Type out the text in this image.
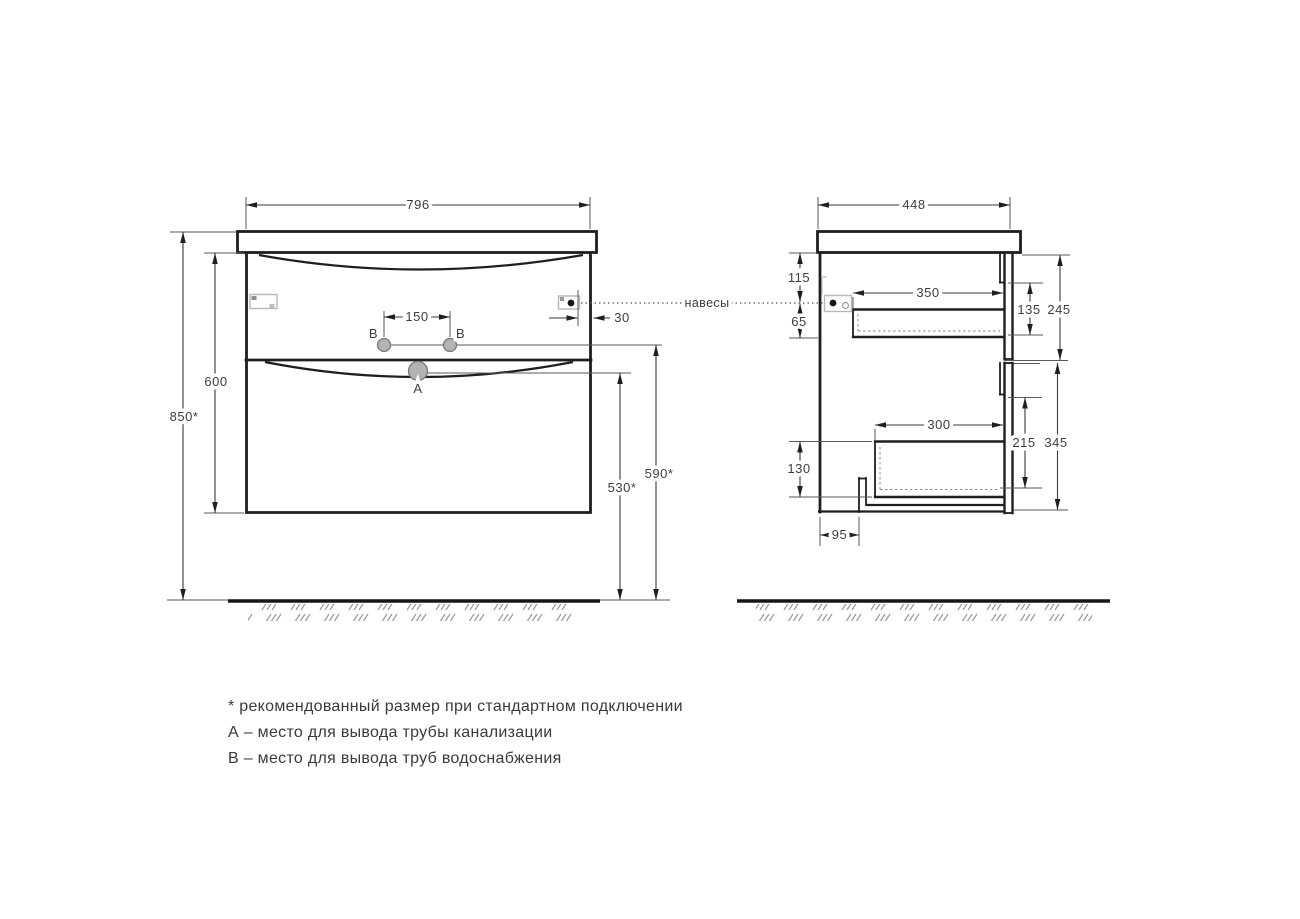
796
30
150
B	B
A
850*
600
530*
590*
навесы
448
115
65
350
300
135 245
215 345
130
95
* рекомендованный размер при стандартном подключении
А – место для вывода трубы канализации
В – место для вывода труб водоснабжения
